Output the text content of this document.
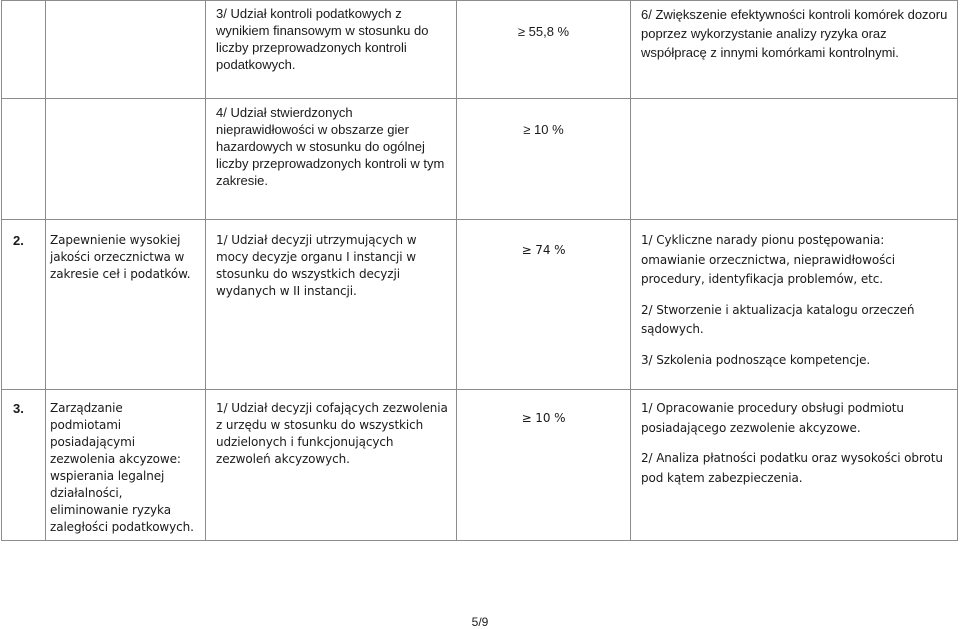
		3/ Udział kontroli podatkowych z wynikiem finansowym w stosunku do liczby przeprowadzonych kontroli podatkowych.	≥ 55,8 %	6/ Zwiększenie efektywności kontroli komórek dozoru poprzez wykorzystanie analizy ryzyka oraz współpracę z innymi komórkami kontrolnymi.

		4/ Udział stwierdzonych nieprawidłowości w obszarze gier hazardowych w stosunku do ogólnej liczby przeprowadzonych kontroli w tym zakresie.	≥ 10 %	

2.	Zapewnienie wysokiej jakości orzecznictwa w zakresie ceł i podatków.	1/ Udział decyzji utrzymujących w mocy decyzje organu I instancji w stosunku do wszystkich decyzji wydanych w II instancji.	≥ 74 %	1/ Cykliczne narady pionu postępowania: omawianie orzecznictwa, nieprawidłowości procedury, identyfikacja problemów, etc.

2/ Stworzenie i aktualizacja katalogu orzeczeń sądowych.

3/ Szkolenia podnoszące kompetencje.

3.	Zarządzanie podmiotami posiadającymi zezwolenia akcyzowe: wspierania legalnej działalności, eliminowanie ryzyka zaległości podatkowych.	1/ Udział decyzji cofających zezwolenia z urzędu w stosunku do wszystkich udzielonych i funkcjonujących zezwoleń akcyzowych.	≥ 10 %	1/ Opracowanie procedury obsługi podmiotu posiadającego zezwolenie akcyzowe.

2/ Analiza płatności podatku oraz wysokości obrotu pod kątem zabezpieczenia.

5/9
